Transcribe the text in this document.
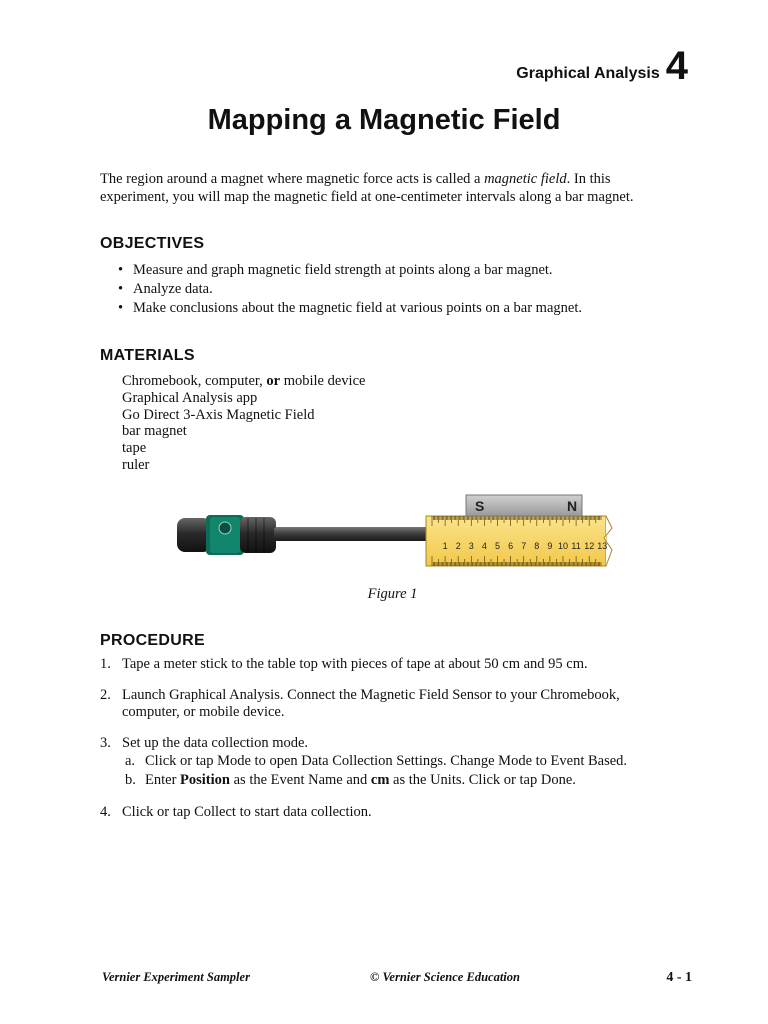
Graphical Analysis 4
Mapping a Magnetic Field

The region around a magnet where magnetic force acts is called a magnetic field. In this experiment, you will map the magnetic field at one-centimeter intervals along a bar magnet.

OBJECTIVES
• Measure and graph magnetic field strength at points along a bar magnet.
• Analyze data.
• Make conclusions about the magnetic field at various points on a bar magnet.
MATERIALS
Chromebook, computer, or mobile device
Graphical Analysis app
Go Direct 3-Axis Magnetic Field
bar magnet
tape
ruler
1 2 3 4 5 6 7 8 9 10 11 12 13
S	N
Figure 1
PROCEDURE
1. Tape a meter stick to the table top with pieces of tape at about 50 cm and 95 cm.
2. Launch Graphical Analysis. Connect the Magnetic Field Sensor to your Chromebook, computer, or mobile device.
3. Set up the data collection mode.
a. Click or tap Mode to open Data Collection Settings. Change Mode to Event Based.
b. Enter Position as the Event Name and cm as the Units. Click or tap Done.
4. Click or tap Collect to start data collection.
Vernier Experiment Sampler	© Vernier Science Education	4 - 1
